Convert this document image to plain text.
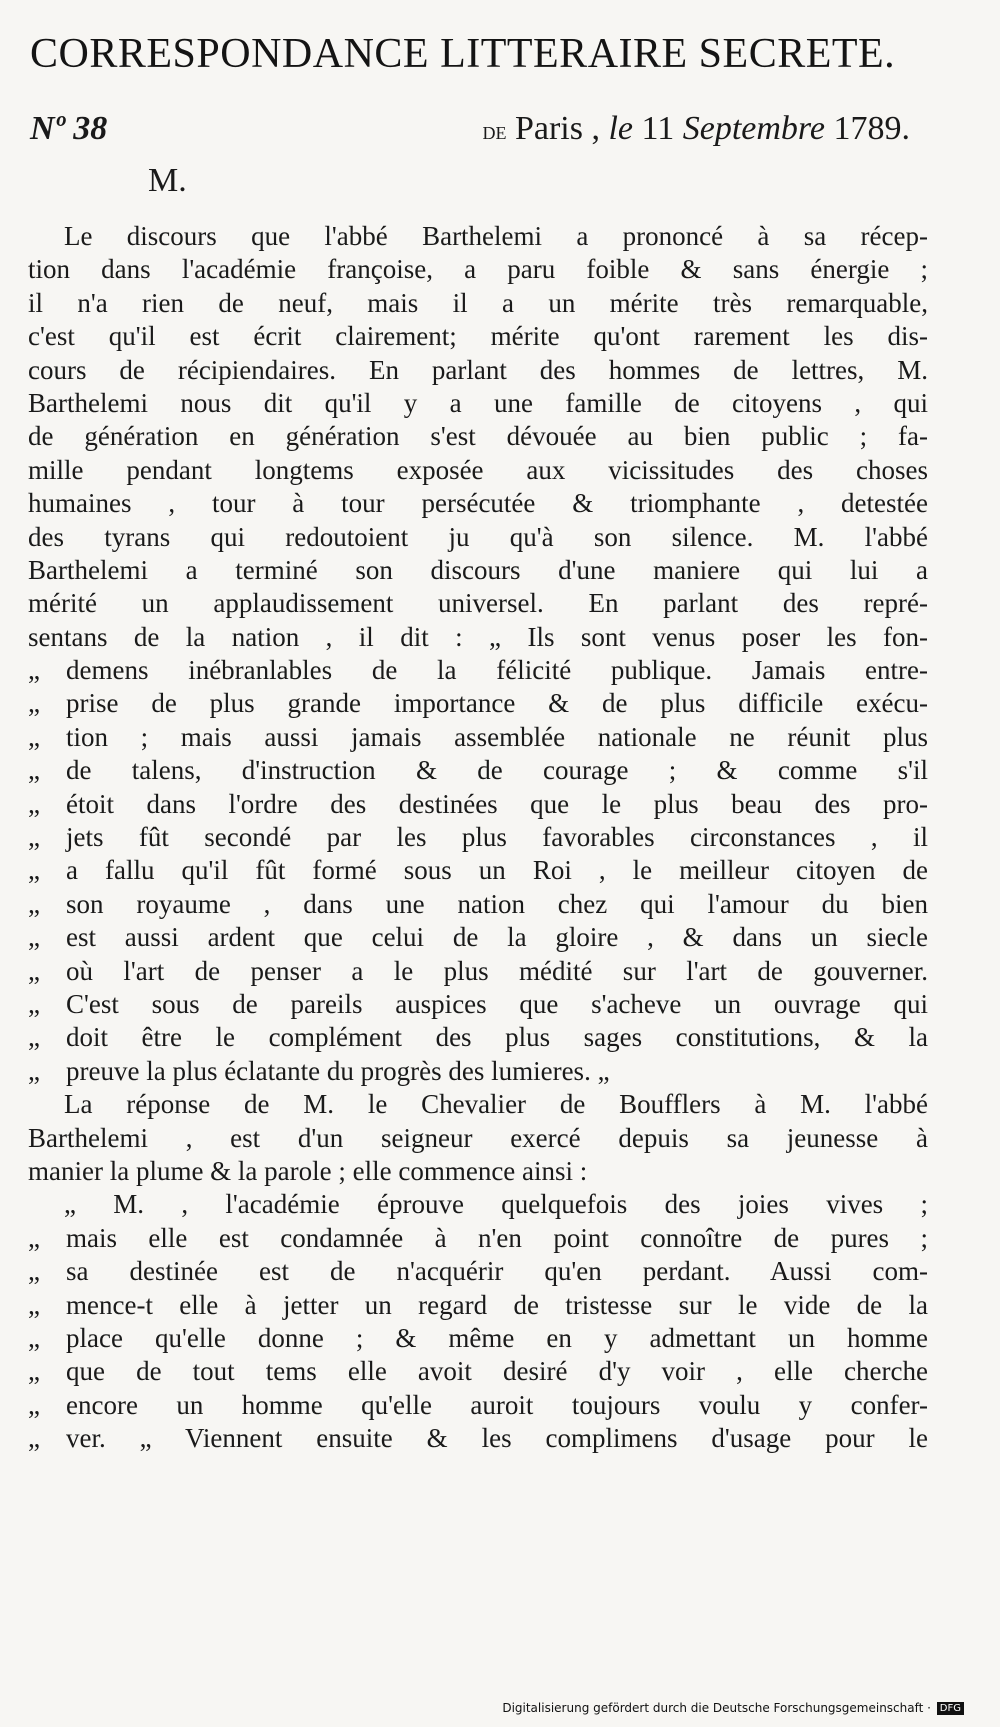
CORRESPONDANCE LITTERAIRE SECRETE.
Nº 38	de Paris , le 11 Septembre 1789.
M.
Le discours que l'abbé Barthelemi a prononcé à sa récep-
tion dans l'académie françoise, a paru foible & sans énergie ;
il n'a rien de neuf, mais il a un mérite très remarquable,
c'est qu'il est écrit clairement; mérite qu'ont rarement les dis-
cours de récipiendaires. En parlant des hommes de lettres, M.
Barthelemi nous dit qu'il y a une famille de citoyens , qui
de génération en génération s'est dévouée au bien public ; fa-
mille pendant longtems exposée aux vicissitudes des choses
humaines , tour à tour persécutée & triomphante , detestée
des tyrans qui redoutoient ju qu'à son silence. M. l'abbé
Barthelemi a terminé son discours d'une maniere qui lui a
mérité un applaudissement universel. En parlant des repré-
sentans de la nation , il dit : „ Ils sont venus poser les fon-
„ demens inébranlables de la félicité publique. Jamais entre-
„ prise de plus grande importance & de plus difficile exécu-
„ tion ; mais aussi jamais assemblée nationale ne réunit plus
„ de talens, d'instruction & de courage ; & comme s'il
„ étoit dans l'ordre des destinées que le plus beau des pro-
„ jets fût secondé par les plus favorables circonstances , il
„ a fallu qu'il fût formé sous un Roi , le meilleur citoyen de
„ son royaume , dans une nation chez qui l'amour du bien
„ est aussi ardent que celui de la gloire , & dans un siecle
„ où l'art de penser a le plus médité sur l'art de gouverner.
„ C'est sous de pareils auspices que s'acheve un ouvrage qui
„ doit être le complément des plus sages constitutions, & la
„ preuve la plus éclatante du progrès des lumieres. „
La réponse de M. le Chevalier de Boufflers à M. l'abbé
Barthelemi , est d'un seigneur exercé depuis sa jeunesse à
manier la plume & la parole ; elle commence ainsi :
„ M. , l'académie éprouve quelquefois des joies vives ;
„ mais elle est condamnée à n'en point connoître de pures ;
„ sa destinée est de n'acquérir qu'en perdant. Aussi com-
„ mence-t elle à jetter un regard de tristesse sur le vide de la
„ place qu'elle donne ; & même en y admettant un homme
„ que de tout tems elle avoit desiré d'y voir , elle cherche
„ encore un homme qu'elle auroit toujours voulu y confer-
„ ver. „ Viennent ensuite & les complimens d'usage pour le
Digitalisierung gefördert durch die Deutsche Forschungsgemeinschaft · DFG
